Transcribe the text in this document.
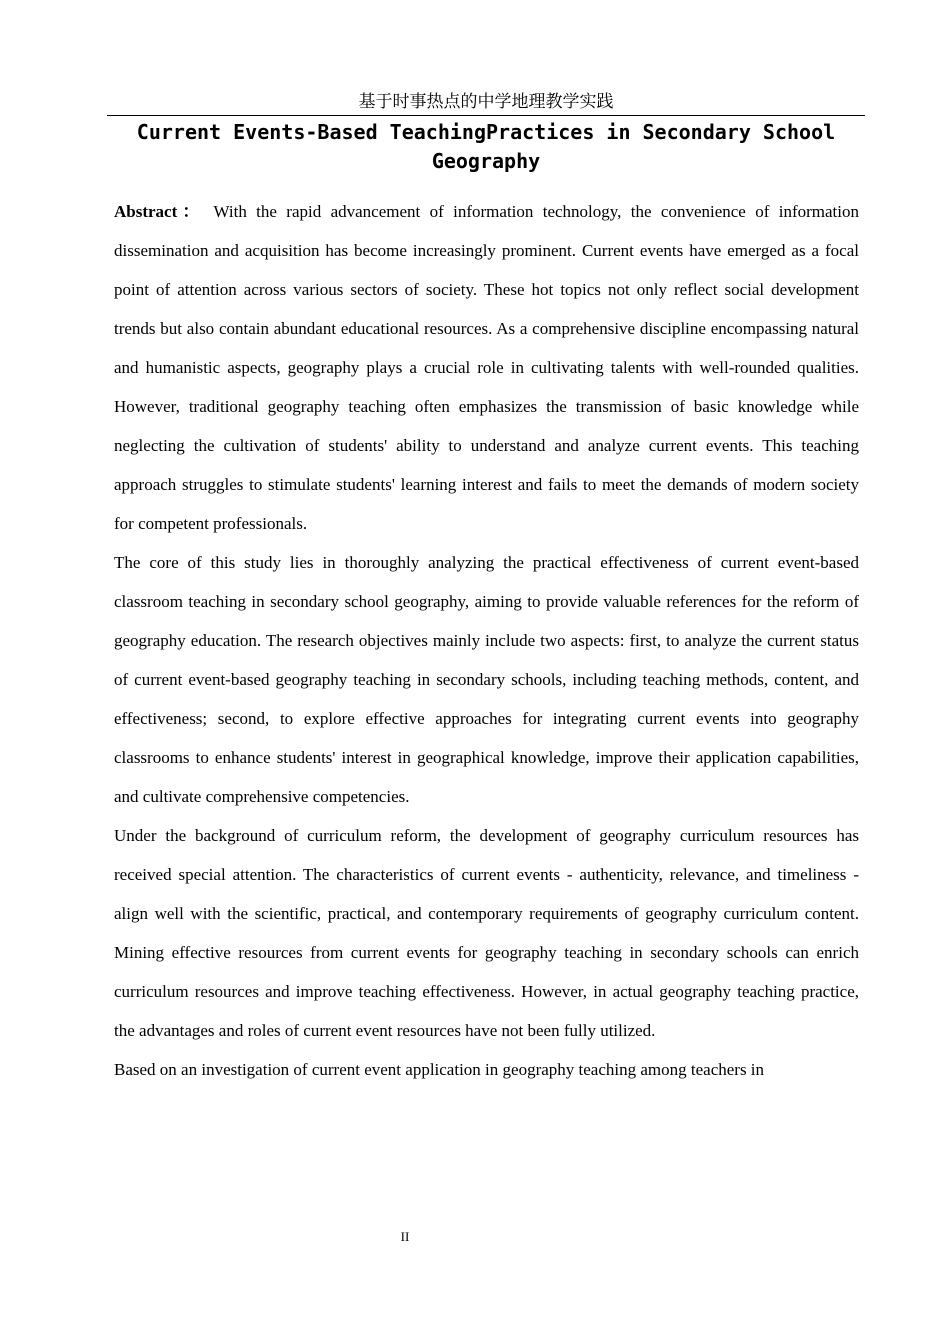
基于时事热点的中学地理教学实践
Current Events-Based TeachingPractices in Secondary School Geography

Abstract： With the rapid advancement of information technology, the convenience of information dissemination and acquisition has become increasingly prominent. Current events have emerged as a focal point of attention across various sectors of society. These hot topics not only reflect social development trends but also contain abundant educational resources. As a comprehensive discipline encompassing natural and humanistic aspects, geography plays a crucial role in cultivating talents with well-rounded qualities. However, traditional geography teaching often emphasizes the transmission of basic knowledge while neglecting the cultivation of students' ability to understand and analyze current events. This teaching approach struggles to stimulate students' learning interest and fails to meet the demands of modern society for competent professionals.

The core of this study lies in thoroughly analyzing the practical effectiveness of current event-based classroom teaching in secondary school geography, aiming to provide valuable references for the reform of geography education. The research objectives mainly include two aspects: first, to analyze the current status of current event-based geography teaching in secondary schools, including teaching methods, content, and effectiveness; second, to explore effective approaches for integrating current events into geography classrooms to enhance students' interest in geographical knowledge, improve their application capabilities, and cultivate comprehensive competencies.

Under the background of curriculum reform, the development of geography curriculum resources has received special attention. The characteristics of current events - authenticity, relevance, and timeliness - align well with the scientific, practical, and contemporary requirements of geography curriculum content. Mining effective resources from current events for geography teaching in secondary schools can enrich curriculum resources and improve teaching effectiveness. However, in actual geography teaching practice, the advantages and roles of current event resources have not been fully utilized.

Based on an investigation of current event application in geography teaching among teachers in

II
